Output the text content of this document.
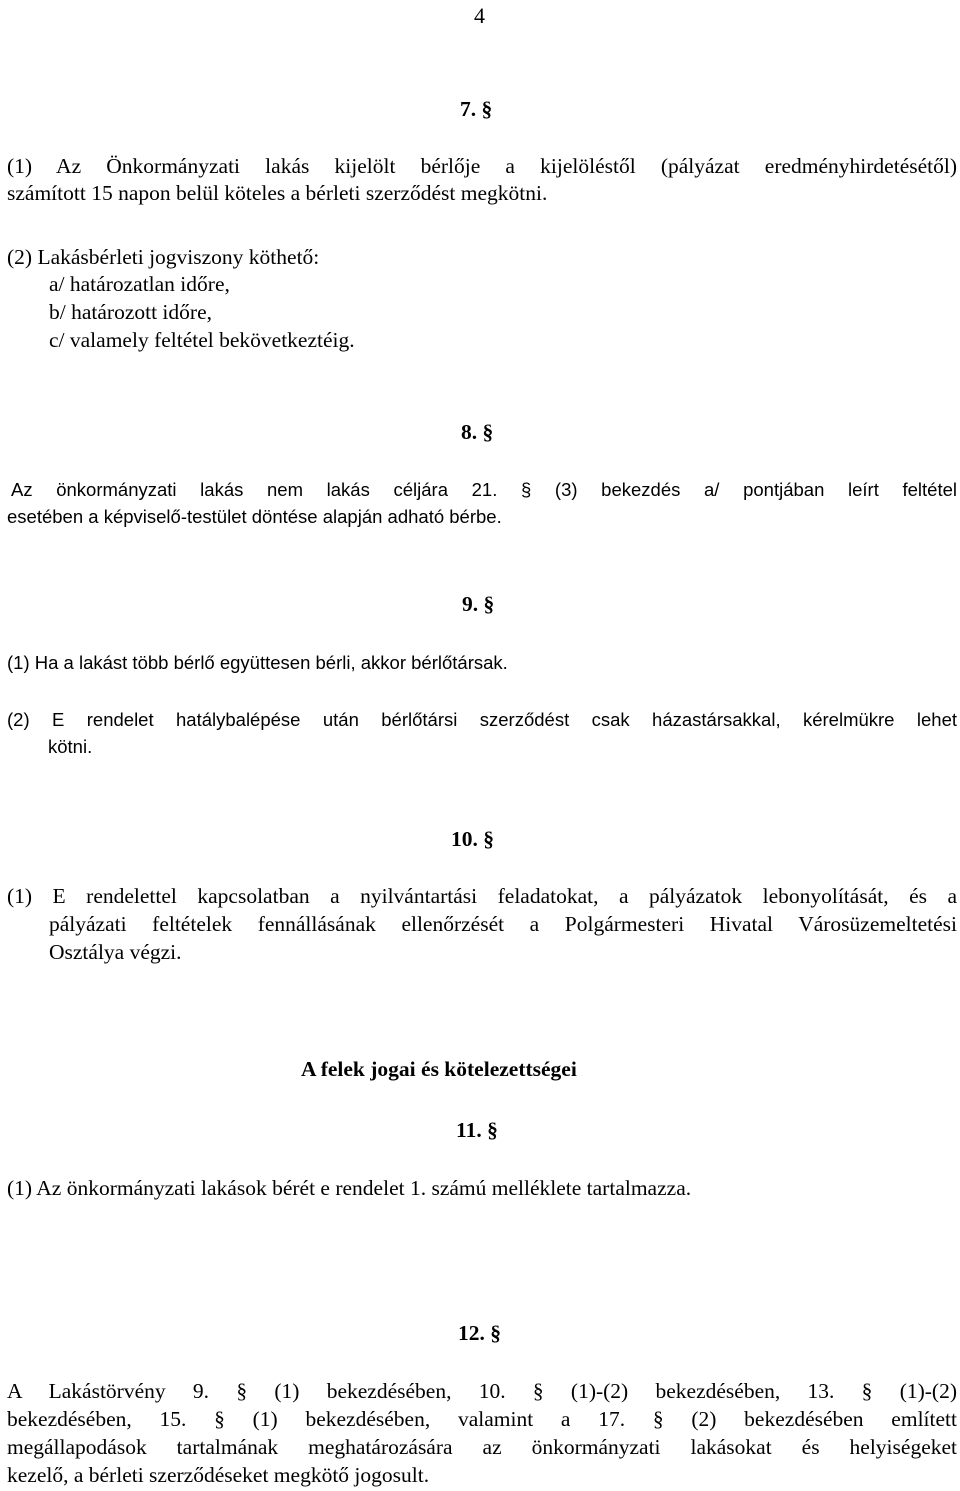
4
7. §
(1) Az Önkormányzati lakás kijelölt bérlője a kijelöléstől (pályázat eredményhirdetésétől)
számított 15 napon belül köteles a bérleti szerződést megkötni.
(2) Lakásbérleti jogviszony köthető:
a/ határozatlan időre,
b/ határozott időre,
c/ valamely feltétel bekövetkeztéig.
8. §
Az önkormányzati lakás nem lakás céljára 21. § (3) bekezdés a/ pontjában leírt feltétel
esetében a képviselő-testület döntése alapján adható bérbe.
9. §
(1) Ha a lakást több bérlő együttesen bérli, akkor bérlőtársak.
(2) E rendelet hatálybalépése után bérlőtársi szerződést csak házastársakkal, kérelmükre lehet
kötni.
10. §
(1) E rendelettel kapcsolatban a nyilvántartási feladatokat, a pályázatok lebonyolítását, és a
pályázati feltételek fennállásának ellenőrzését a Polgármesteri Hivatal Városüzemeltetési
Osztálya végzi.
A felek jogai és kötelezettségei
11. §
(1) Az önkormányzati lakások bérét e rendelet 1. számú melléklete tartalmazza.
12. §
A Lakástörvény 9. § (1) bekezdésében, 10. § (1)-(2) bekezdésében, 13. § (1)-(2)
bekezdésében, 15. § (1) bekezdésében, valamint a 17. § (2) bekezdésében említett
megállapodások tartalmának meghatározására az önkormányzati lakásokat és helyiségeket
kezelő, a bérleti szerződéseket megkötő jogosult.
